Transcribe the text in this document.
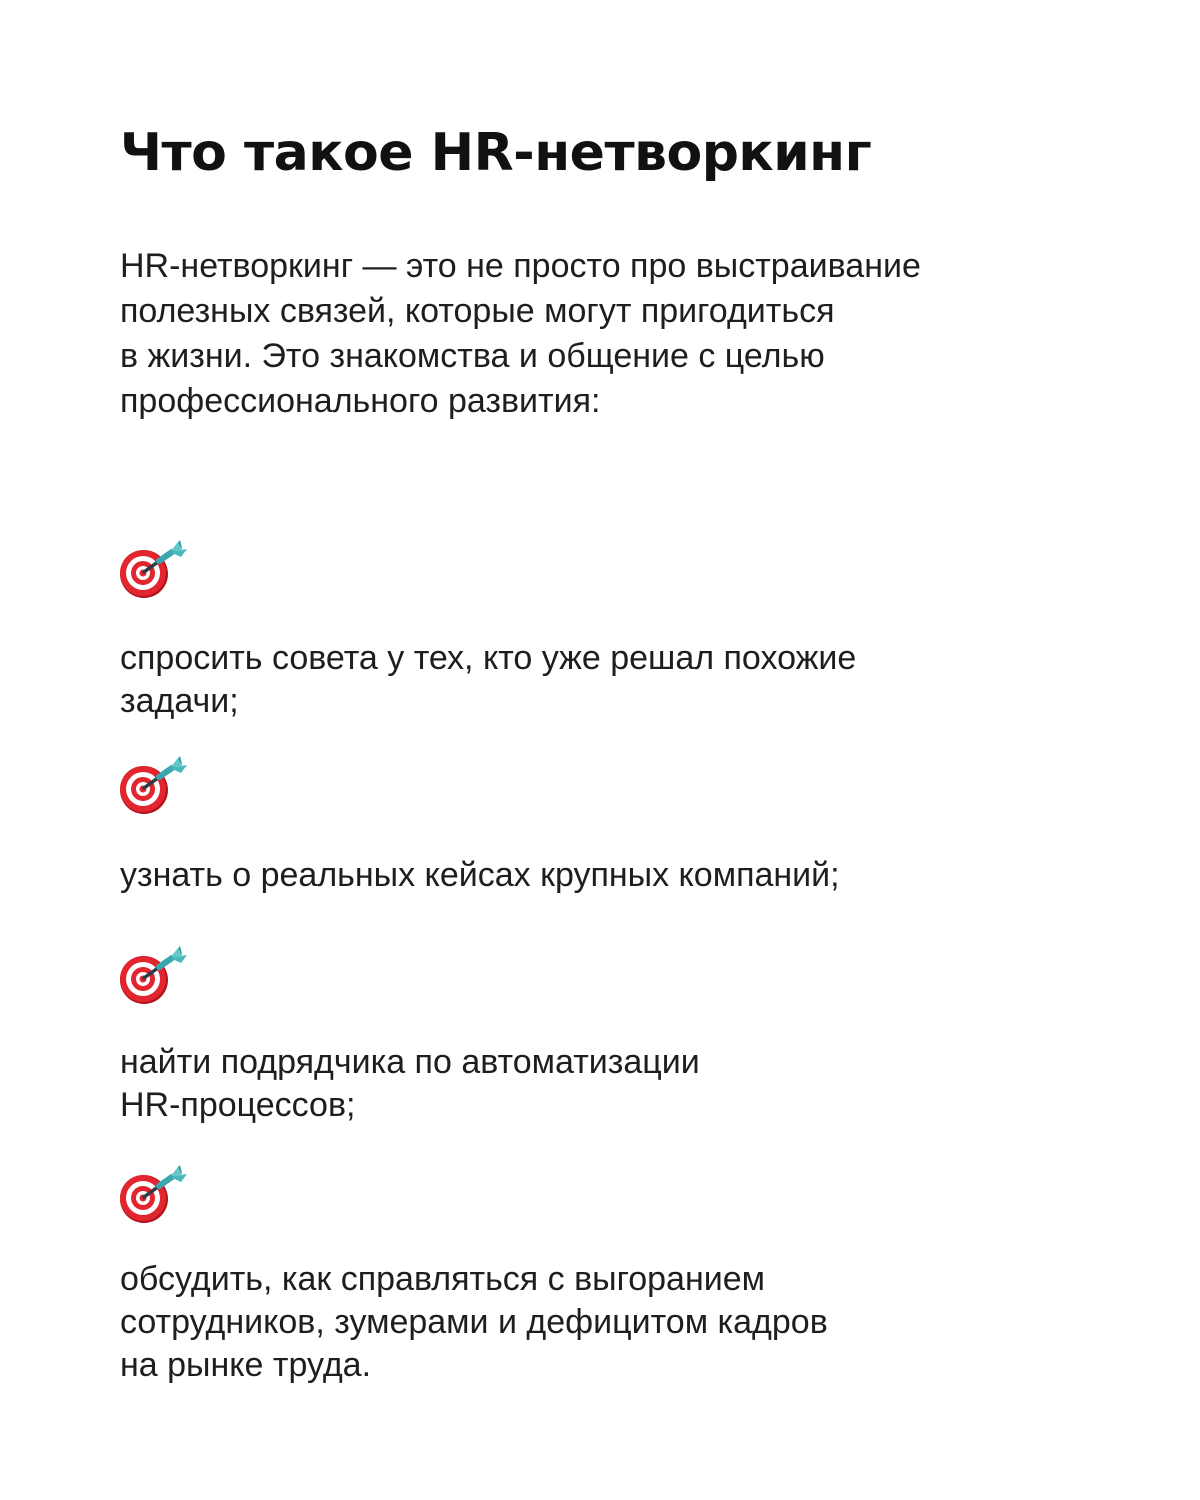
Что такое HR-нетворкинг

HR-нетворкинг — это не просто про выстраивание
полезных связей, которые могут пригодиться
в жизни. Это знакомства и общение с целью
профессионального развития:

спросить совета у тех, кто уже решал похожие
задачи;

узнать о реальных кейсах крупных компаний;

найти подрядчика по автоматизации
HR-процессов;

обсудить, как справляться с выгоранием
сотрудников, зумерами и дефицитом кадров
на рынке труда.
